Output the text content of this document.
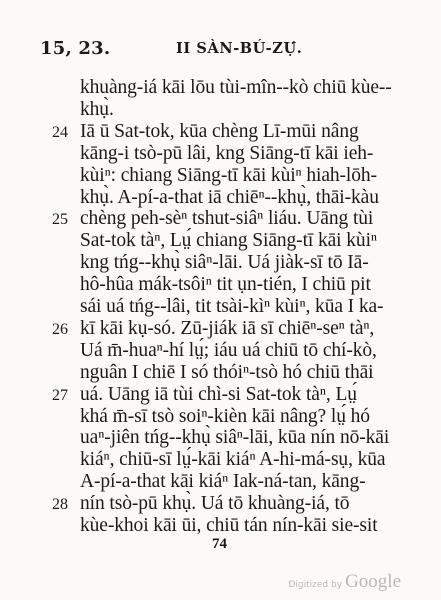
15, 23.	II SÀN-BÚ-ZỤ́.
khuàng-iá kāi lōu tùi-mîn--kò chiū kùe--
khụ̀.
Iā ū Sat-tok, kūa chèng Lī-mūi nâng
24
kāng-i tsò-pū lâi, kng Siāng-tī kāi ieh-
kùiⁿ: chiang Siāng-tī kāi kùiⁿ hiah-lōh-
khụ̀. A-pí-a-that iā chiēⁿ--khụ̀, thāi-kàu
chèng peh-sèⁿ tshut-siâⁿ liáu. Uāng tùi
25
Sat-tok tàⁿ, Lṳ́ chiang Siāng-tī kāi kùiⁿ
kng tńg--khụ̀ siâⁿ-lāi. Uá jiàk-sī tō Iā-
hô-hûa mák-tsôiⁿ tit ụn-tién, I chiū pit
sái uá tńg--lâi, tit tsài-kìⁿ kùiⁿ, kūa I ka-
kī kāi kụ-só. Zū-jiák iā sī chiēⁿ-seⁿ tàⁿ,
26
Uá m̄-huaⁿ-hí lṳ́; iáu uá chiū tō chí-kò,
nguân I chiē I só thóiⁿ-tsò hó chiū thāi
uá. Uāng iā tùi chì-si Sat-tok tàⁿ, Lṳ́
27
khá m̄-sī tsò soiⁿ-kièn kāi nâng? lṳ́ hó
uaⁿ-jiên tńg--khụ̀ siâⁿ-lāi, kūa nín nō-kāi
kiáⁿ, chiū-sī lṳ́-kāi kiáⁿ A-hi-má-sụ, kūa
A-pí-a-that kāi kiáⁿ Iak-ná-tan, kāng-
nín tsò-pū khụ̀. Uá tō khuàng-iá, tō
28
kùe-khoi kāi ūi, chiū tán nín-kāi sie-sit
74
Digitized by Google
